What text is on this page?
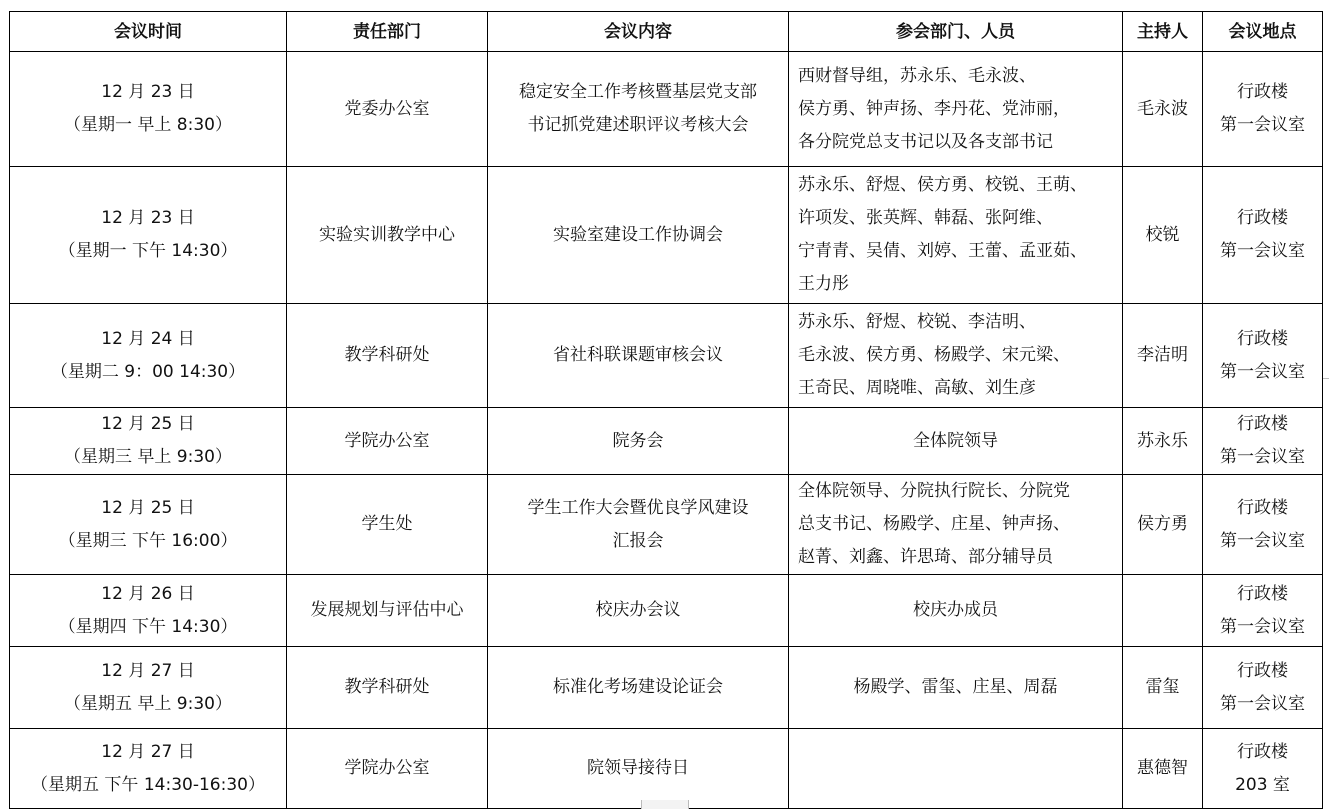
会议时间	责任部门	会议内容	参会部门、人员	主持人	会议地点

12 月 23 日
（星期一 早上 8:30）	党委办公室	稳定安全工作考核暨基层党支部
书记抓党建述职评议考核大会	西财督导组，苏永乐、毛永波、
侯方勇、钟声扬、李丹花、党沛丽，
各分院党总支书记以及各支部书记	毛永波	行政楼
第一会议室

12 月 23 日
（星期一 下午 14:30）	实验实训教学中心	实验室建设工作协调会	苏永乐、舒煜、侯方勇、校锐、王萌、
许项发、张英辉、韩磊、张阿维、
宁青青、吴倩、刘婷、王蕾、孟亚茹、
王力彤	校锐	行政楼
第一会议室

12 月 24 日
（星期二 9：00 14:30）	教学科研处	省社科联课题审核会议	苏永乐、舒煜、校锐、李洁明、
毛永波、侯方勇、杨殿学、宋元梁、
王奇民、周晓唯、高敏、刘生彦	李洁明	行政楼
第一会议室

12 月 25 日
（星期三 早上 9:30）	学院办公室	院务会	全体院领导	苏永乐	行政楼
第一会议室

12 月 25 日
（星期三 下午 16:00）	学生处	学生工作大会暨优良学风建设
汇报会	全体院领导、分院执行院长、分院党
总支书记、杨殿学、庄星、钟声扬、
赵菁、刘鑫、许思琦、部分辅导员	侯方勇	行政楼
第一会议室

12 月 26 日
（星期四 下午 14:30）	发展规划与评估中心	校庆办会议	校庆办成员		行政楼
第一会议室

12 月 27 日
（星期五 早上 9:30）	教学科研处	标准化考场建设论证会	杨殿学、雷玺、庄星、周磊	雷玺	行政楼
第一会议室

12 月 27 日
（星期五 下午 14:30-16:30）	学院办公室	院领导接待日		惠德智	行政楼
203 室
